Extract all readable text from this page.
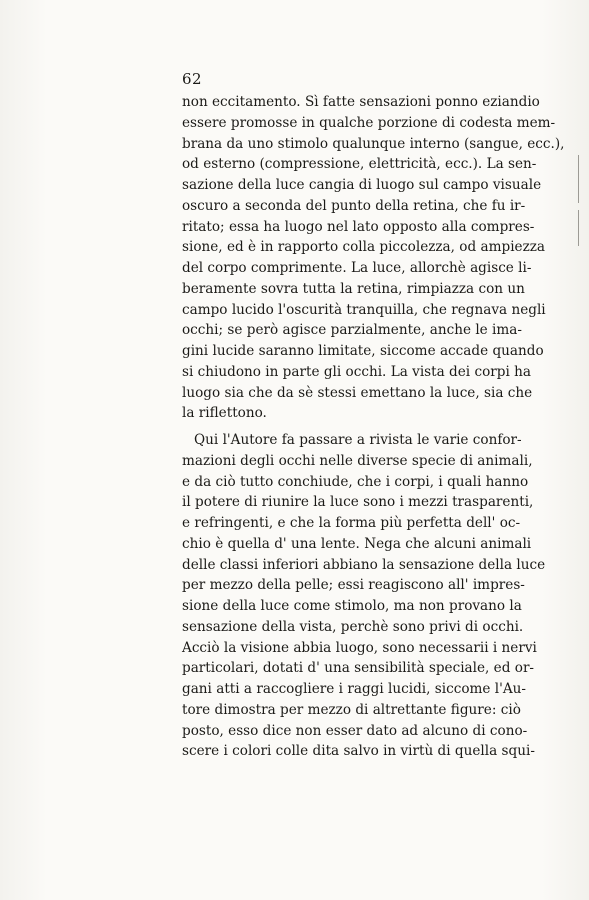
62
non eccitamento. Sì fatte sensazioni ponno eziandio
essere promosse in qualche porzione di codesta mem-
brana da uno stimolo qualunque interno (sangue, ecc.),
od esterno (compressione, elettricità, ecc.). La sen-
sazione della luce cangia di luogo sul campo visuale
oscuro a seconda del punto della retina, che fu ir-
ritato; essa ha luogo nel lato opposto alla compres-
sione, ed è in rapporto colla piccolezza, od ampiezza
del corpo comprimente. La luce, allorchè agisce li-
beramente sovra tutta la retina, rimpiazza con un
campo lucido l'oscurità tranquilla, che regnava negli
occhi; se però agisce parzialmente, anche le ima-
gini lucide saranno limitate, siccome accade quando
si chiudono in parte gli occhi. La vista dei corpi ha
luogo sia che da sè stessi emettano la luce, sia che
la riflettono.
Qui l'Autore fa passare a rivista le varie confor-
mazioni degli occhi nelle diverse specie di animali,
e da ciò tutto conchiude, che i corpi, i quali hanno
il potere di riunire la luce sono i mezzi trasparenti,
e refringenti, e che la forma più perfetta dell' oc-
chio è quella d' una lente. Nega che alcuni animali
delle classi inferiori abbiano la sensazione della luce
per mezzo della pelle; essi reagiscono all' impres-
sione della luce come stimolo, ma non provano la
sensazione della vista, perchè sono privi di occhi.
Acciò la visione abbia luogo, sono necessarii i nervi
particolari, dotati d' una sensibilità speciale, ed or-
gani atti a raccogliere i raggi lucidi, siccome l'Au-
tore dimostra per mezzo di altrettante figure: ciò
posto, esso dice non esser dato ad alcuno di cono-
scere i colori colle dita salvo in virtù di quella squi-
